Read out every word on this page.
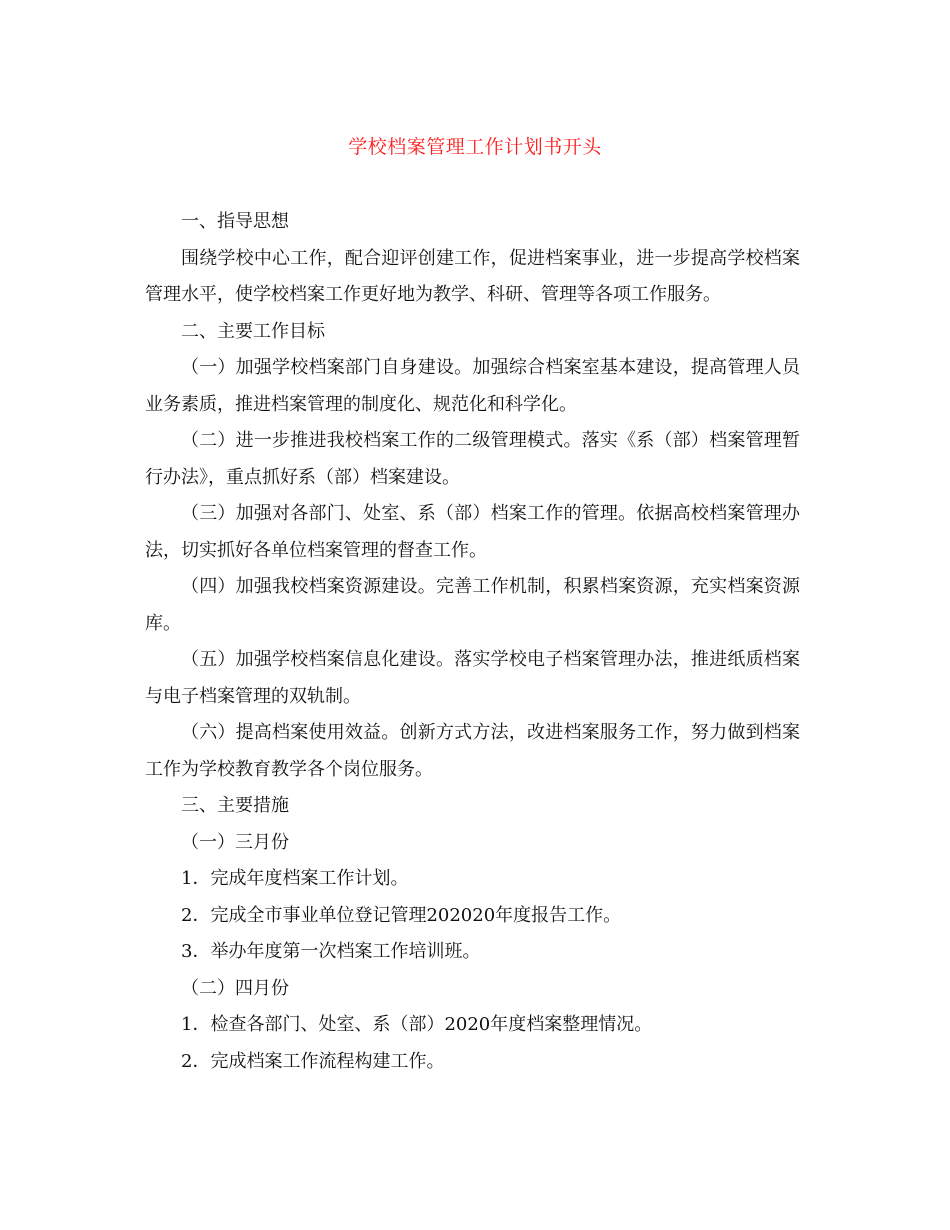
学校档案管理工作计划书开头

一、指导思想

围绕学校中心工作，配合迎评创建工作，促进档案事业，进一步提高学校档案管理水平，使学校档案工作更好地为教学、科研、管理等各项工作服务。

二、主要工作目标

（一）加强学校档案部门自身建设。加强综合档案室基本建设，提高管理人员业务素质，推进档案管理的制度化、规范化和科学化。

（二）进一步推进我校档案工作的二级管理模式。落实《系（部）档案管理暂行办法》，重点抓好系（部）档案建设。

（三）加强对各部门、处室、系（部）档案工作的管理。依据高校档案管理办法，切实抓好各单位档案管理的督查工作。

（四）加强我校档案资源建设。完善工作机制，积累档案资源，充实档案资源库。

（五）加强学校档案信息化建设。落实学校电子档案管理办法，推进纸质档案与电子档案管理的双轨制。

（六）提高档案使用效益。创新方式方法，改进档案服务工作，努力做到档案工作为学校教育教学各个岗位服务。

三、主要措施

（一）三月份

1．完成年度档案工作计划。

2．完成全市事业单位登记管理202020年度报告工作。

3．举办年度第一次档案工作培训班。

（二）四月份

1．检查各部门、处室、系（部）2020年度档案整理情况。

2．完成档案工作流程构建工作。
